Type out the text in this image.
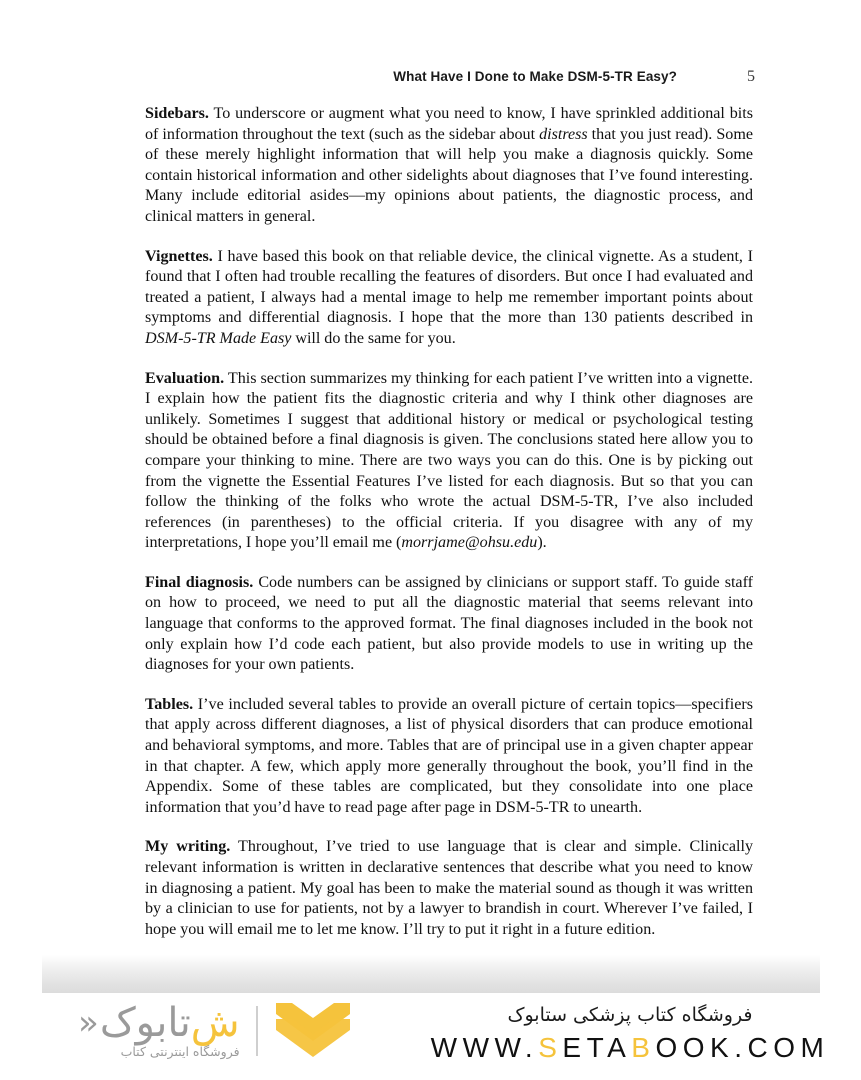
What Have I Done to Make DSM-5-TR Easy?	5

Sidebars. To underscore or augment what you need to know, I have sprinkled additional bits of information throughout the text (such as the sidebar about distress that you just read). Some of these merely highlight information that will help you make a diagnosis quickly. Some contain historical information and other sidelights about diagnoses that I’ve found interesting. Many include editorial asides—my opinions about patients, the diagnostic process, and clinical matters in general.

Vignettes. I have based this book on that reliable device, the clinical vignette. As a student, I found that I often had trouble recalling the features of disorders. But once I had evaluated and treated a patient, I always had a mental image to help me remember important points about symptoms and differential diagnosis. I hope that the more than 130 patients described in DSM-5-TR Made Easy will do the same for you.

Evaluation. This section summarizes my thinking for each patient I’ve written into a vignette. I explain how the patient fits the diagnostic criteria and why I think other diagnoses are unlikely. Sometimes I suggest that additional history or medical or psychological testing should be obtained before a final diagnosis is given. The conclusions stated here allow you to compare your thinking to mine. There are two ways you can do this. One is by picking out from the vignette the Essential Features I’ve listed for each diagnosis. But so that you can follow the thinking of the folks who wrote the actual DSM-5-TR, I’ve also included references (in parentheses) to the official criteria. If you disagree with any of my interpretations, I hope you’ll email me (morrjame@ohsu.edu).

Final diagnosis. Code numbers can be assigned by clinicians or support staff. To guide staff on how to proceed, we need to put all the diagnostic material that seems relevant into language that conforms to the approved format. The final diagnoses included in the book not only explain how I’d code each patient, but also provide models to use in writing up the diagnoses for your own patients.

Tables. I’ve included several tables to provide an overall picture of certain topics—specifiers that apply across different diagnoses, a list of physical disorders that can produce emotional and behavioral symptoms, and more. Tables that are of principal use in a given chapter appear in that chapter. A few, which apply more generally throughout the book, you’ll find in the Appendix. Some of these tables are complicated, but they consolidate into one place information that you’d have to read page after page in DSM-5-TR to unearth.

My writing. Throughout, I’ve tried to use language that is clear and simple. Clinically relevant information is written in declarative sentences that describe what you need to know in diagnosing a patient. My goal has been to make the material sound as though it was written by a clinician to use for patients, not by a lawyer to brandish in court. Wherever I’ve failed, I hope you will email me to let me know. I’ll try to put it right in a future edition.

ش
تابوک
«
فروشگاه اینترنتی کتاب
فروشگاه کتاب پزشکی ستابوک
WWW.SETABOOK.COM
